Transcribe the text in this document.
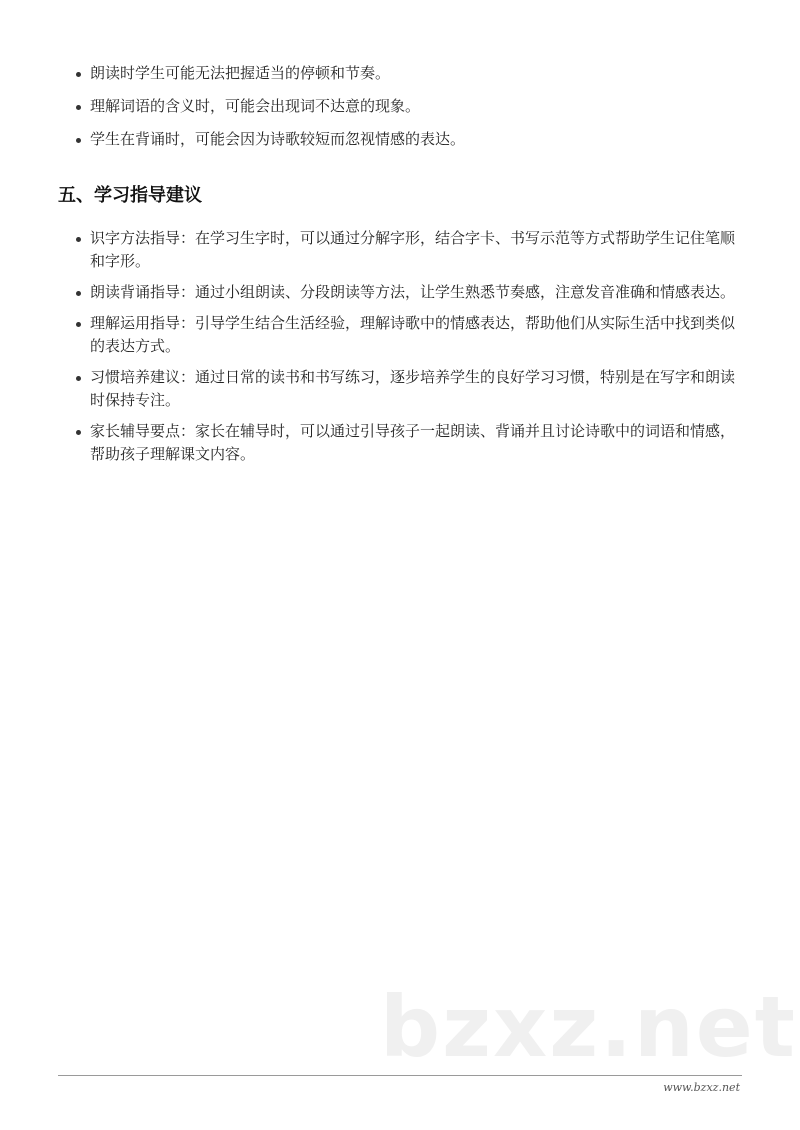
朗读时学生可能无法把握适当的停顿和节奏。
理解词语的含义时，可能会出现词不达意的现象。
学生在背诵时，可能会因为诗歌较短而忽视情感的表达。
五、学习指导建议
识字方法指导：在学习生字时，可以通过分解字形，结合字卡、书写示范等方式帮助学生记住笔顺和字形。
朗读背诵指导：通过小组朗读、分段朗读等方法，让学生熟悉节奏感，注意发音准确和情感表达。
理解运用指导：引导学生结合生活经验，理解诗歌中的情感表达，帮助他们从实际生活中找到类似的表达方式。
习惯培养建议：通过日常的读书和书写练习，逐步培养学生的良好学习习惯，特别是在写字和朗读时保持专注。
家长辅导要点：家长在辅导时，可以通过引导孩子一起朗读、背诵并且讨论诗歌中的词语和情感，帮助孩子理解课文内容。
bzxz.net
www.bzxz.net
